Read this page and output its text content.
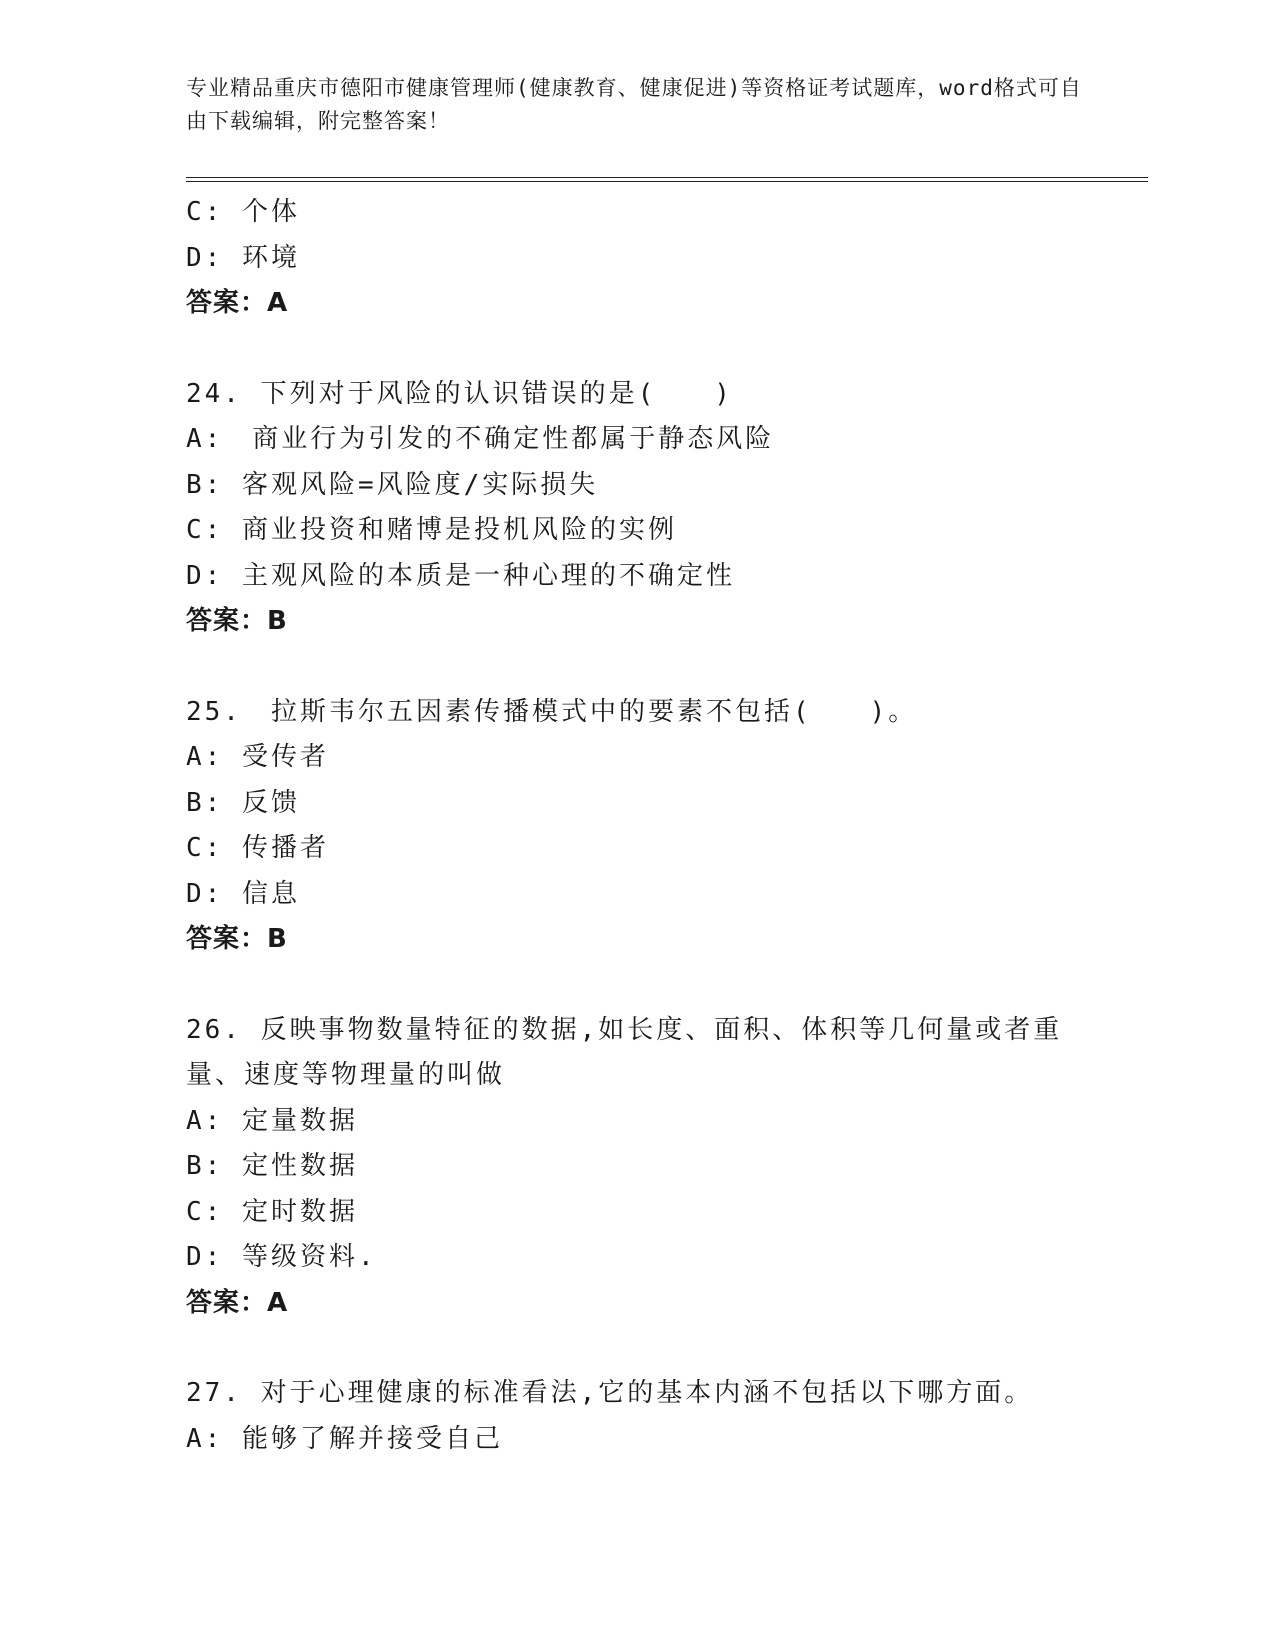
专业精品重庆市德阳市健康管理师(健康教育、健康促进)等资格证考试题库，word格式可自由下载编辑，附完整答案！
C: 个体
D: 环境
答案：A
24. 下列对于风险的认识错误的是(　　)
A:　商业行为引发的不确定性都属于静态风险
B: 客观风险=风险度/实际损失
C: 商业投资和赌博是投机风险的实例
D: 主观风险的本质是一种心理的不确定性
答案：B
25.　拉斯韦尔五因素传播模式中的要素不包括(　　)。
A: 受传者
B: 反馈
C: 传播者
D: 信息
答案：B
26. 反映事物数量特征的数据,如长度、面积、体积等几何量或者重量、速度等物理量的叫做
A: 定量数据
B: 定性数据
C: 定时数据
D: 等级资料.
答案：A
27. 对于心理健康的标准看法,它的基本内涵不包括以下哪方面。
A: 能够了解并接受自己
